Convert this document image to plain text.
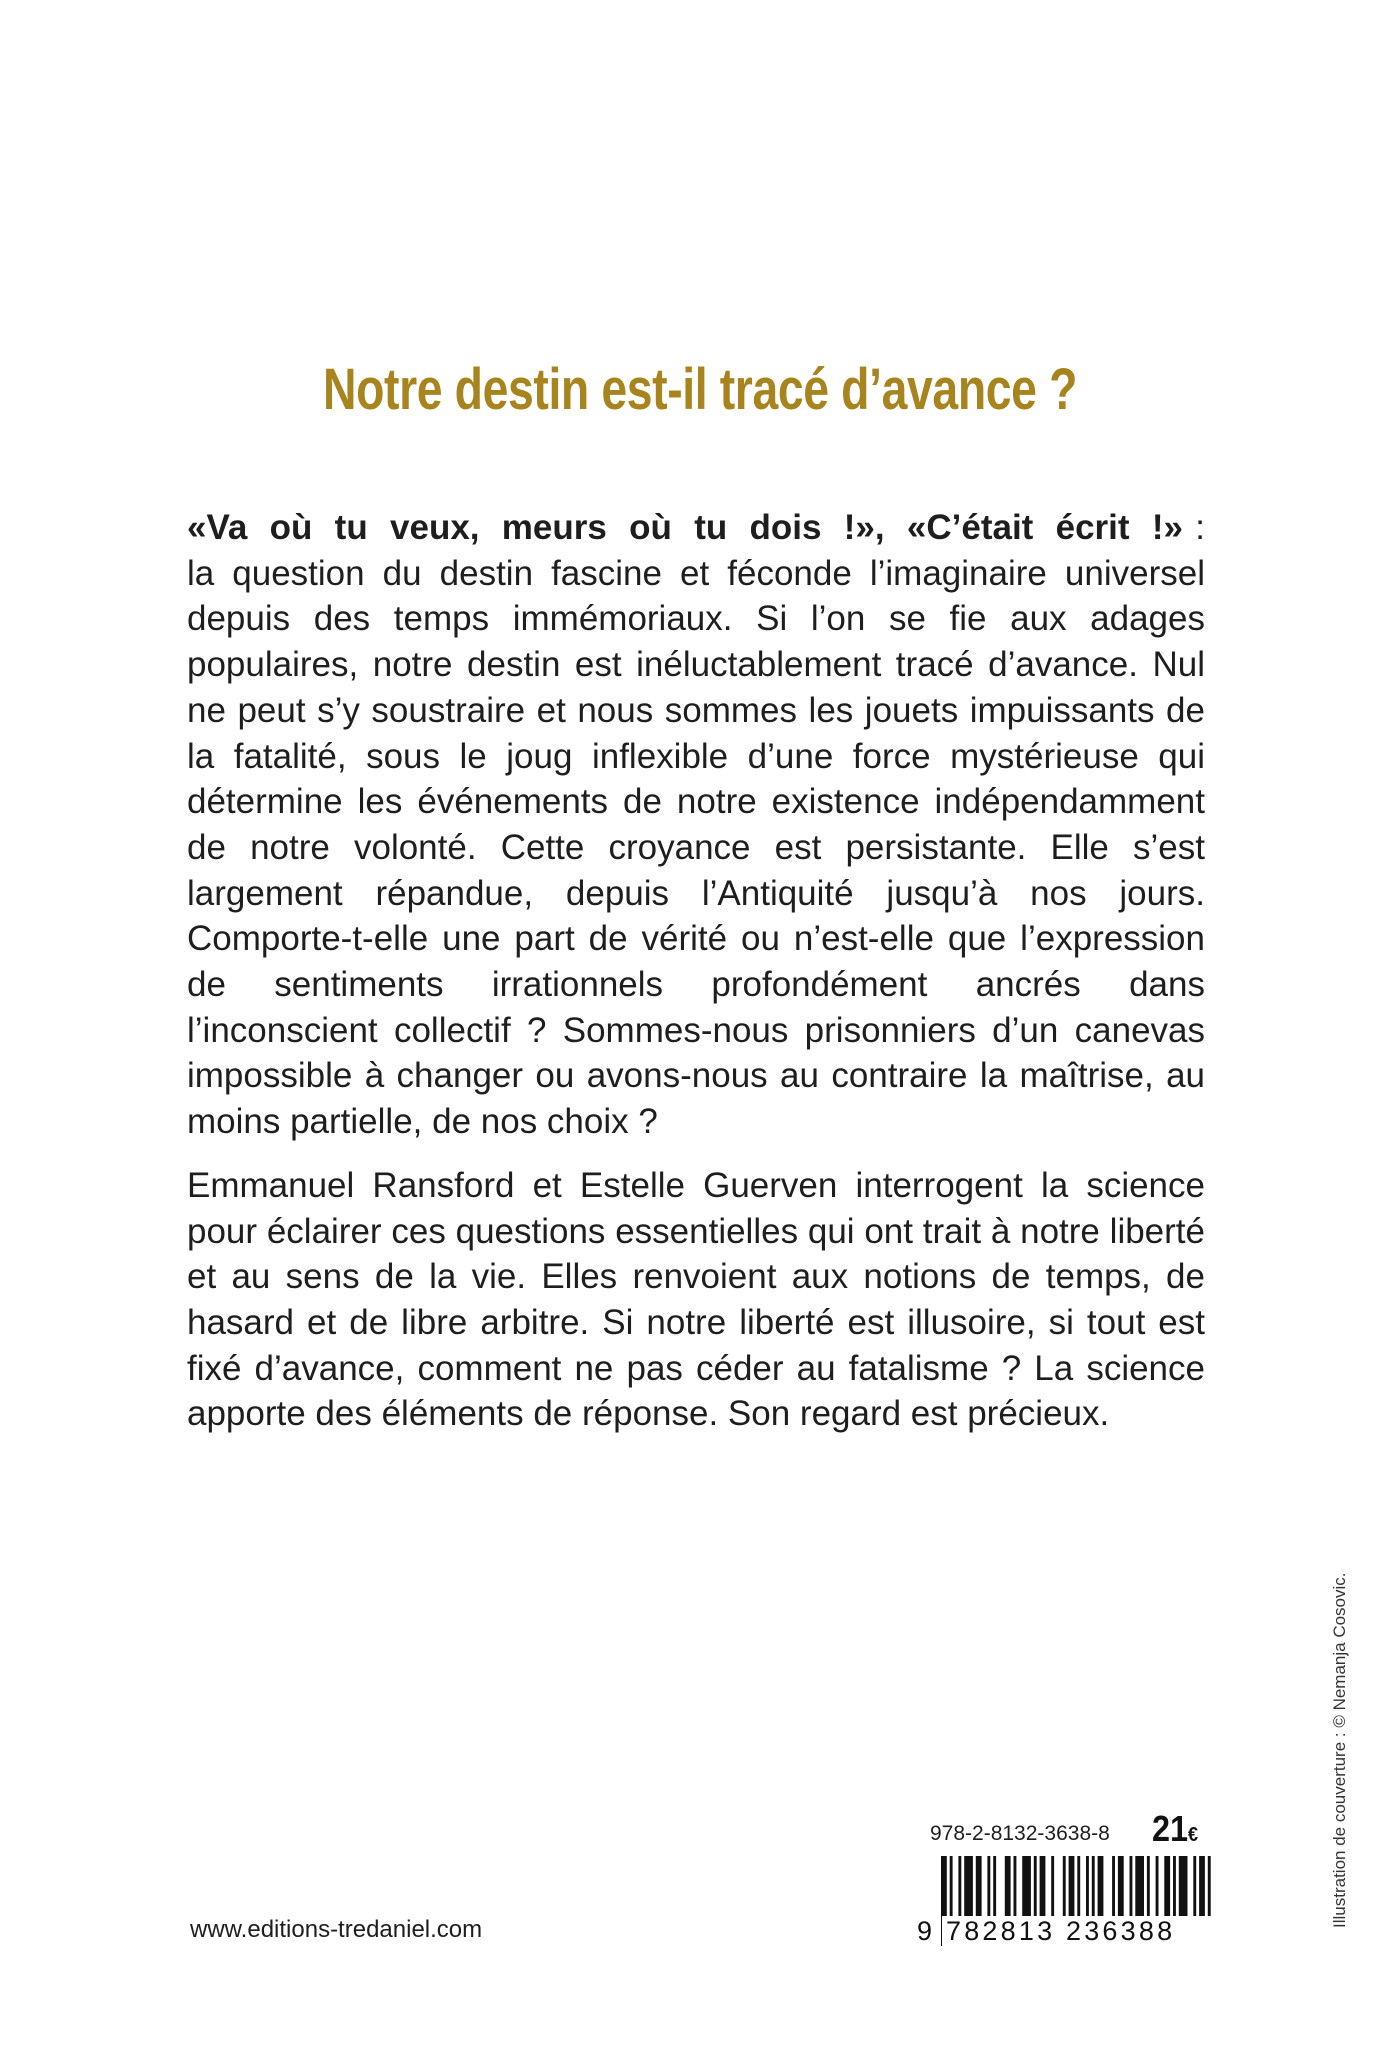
Notre destin est-il tracé d’avance ?

«Va où tu veux, meurs où tu dois !», «C’était écrit !» : la question du destin fascine et féconde l’imaginaire universel depuis des temps immémoriaux. Si l’on se fie aux adages populaires, notre destin est inéluctablement tracé d’avance. Nul ne peut s’y soustraire et nous sommes les jouets impuissants de la fatalité, sous le joug inflexible d’une force mystérieuse qui détermine les événements de notre existence indépendamment de notre volonté. Cette croyance est persistante. Elle s’est largement répandue, depuis l’Antiquité jusqu’à nos jours. Comporte-t-elle une part de vérité ou n’est-elle que l’expression de sentiments irrationnels profondément ancrés dans l’inconscient collectif ? Sommes-nous prisonniers d’un canevas impossible à changer ou avons-nous au contraire la maîtrise, au moins partielle, de nos choix ?

Emmanuel Ransford et Estelle Guerven interrogent la science pour éclairer ces questions essentielles qui ont trait à notre liberté et au sens de la vie. Elles renvoient aux notions de temps, de hasard et de libre arbitre. Si notre liberté est illusoire, si tout est fixé d’avance, comment ne pas céder au fatalisme ? La science apporte des éléments de réponse. Son regard est précieux.

www.editions-tredaniel.com
978-2-8132-3638-8 21€
9 782813 236388
Illustration de couverture : © Nemanja Cosovic.
